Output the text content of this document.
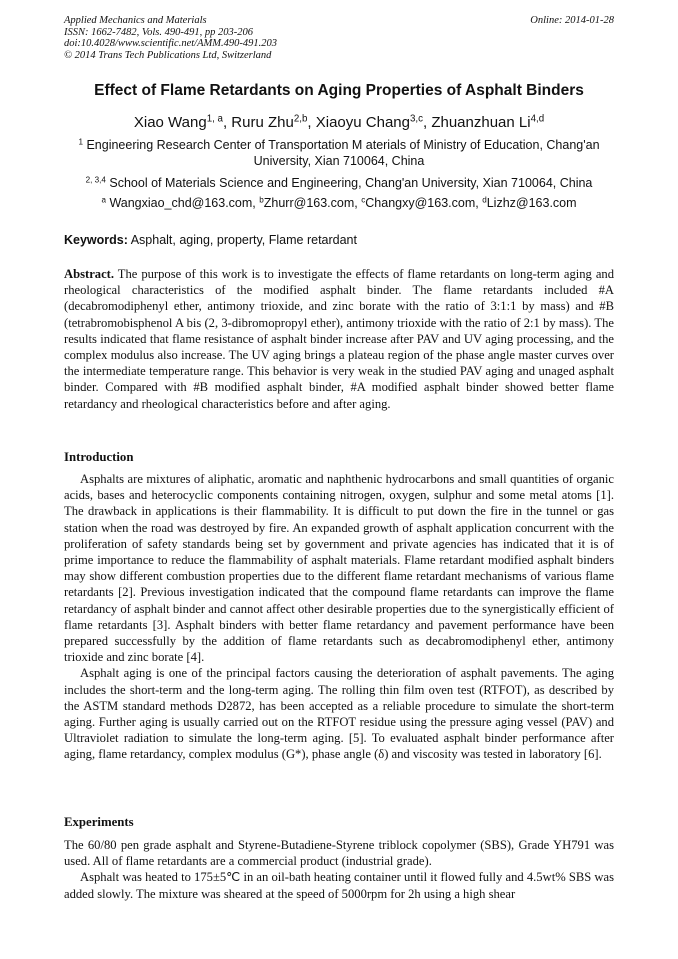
Applied Mechanics and Materials
ISSN: 1662-7482, Vols. 490-491, pp 203-206
doi:10.4028/www.scientific.net/AMM.490-491.203
© 2014 Trans Tech Publications Ltd, Switzerland
Online: 2014-01-28
Effect of Flame Retardants on Aging Properties of Asphalt Binders
Xiao Wang$^{1, a}$, Ruru Zhu$^{2,b}$, Xiaoyu Chang$^{3,c}$, Zhuanzhuan Li$^{4,d}$
$^1$ Engineering Research Center of Transportation M aterials of Ministry of Education, Chang'an University, Xian 710064, China
$^{2, 3,4}$ School of Materials Science and Engineering, Chang'an University, Xian 710064, China
$^a$ Wangxiao_chd@163.com, $^b$Zhurr@163.com, $^c$Changxy@163.com, $^d$Lizhz@163.com
Keywords: Asphalt, aging, property, Flame retardant

Abstract. The purpose of this work is to investigate the effects of flame retardants on long-term aging and rheological characteristics of the modified asphalt binder. The flame retardants included #A (decabromodiphenyl ether, antimony trioxide, and zinc borate with the ratio of 3:1:1 by mass) and #B (tetrabromobisphenol A bis (2, 3-dibromopropyl ether), antimony trioxide with the ratio of 2:1 by mass). The results indicated that flame resistance of asphalt binder increase after PAV and UV aging processing, and the complex modulus also increase. The UV aging brings a plateau region of the phase angle master curves over the intermediate temperature range. This behavior is very weak in the studied PAV aging and unaged asphalt binder. Compared with #B modified asphalt binder, #A modified asphalt binder showed better flame retardancy and rheological characteristics before and after aging.

Introduction

Asphalts are mixtures of aliphatic, aromatic and naphthenic hydrocarbons and small quantities of organic acids, bases and heterocyclic components containing nitrogen, oxygen, sulphur and some metal atoms [1]. The drawback in applications is their flammability. It is difficult to put down the fire in the tunnel or gas station when the road was destroyed by fire. An expanded growth of asphalt application concurrent with the proliferation of safety standards being set by government and private agencies has indicated that it is of prime importance to reduce the flammability of asphalt materials. Flame retardant modified asphalt binders may show different combustion properties due to the different flame retardant mechanisms of various flame retardants [2]. Previous investigation indicated that the compound flame retardants can improve the flame retardancy of asphalt binder and cannot affect other desirable properties due to the synergistically efficient of flame retardants [3]. Asphalt binders with better flame retardancy and pavement performance have been prepared successfully by the addition of flame retardants such as decabromodiphenyl ether, antimony trioxide and zinc borate [4].

Asphalt aging is one of the principal factors causing the deterioration of asphalt pavements. The aging includes the short-term and the long-term aging. The rolling thin film oven test (RTFOT), as described by the ASTM standard methods D2872, has been accepted as a reliable procedure to simulate the short-term aging. Further aging is usually carried out on the RTFOT residue using the pressure aging vessel (PAV) and Ultraviolet radiation to simulate the long-term aging. [5]. To evaluated asphalt binder performance after aging, flame retardancy, complex modulus (G*), phase angle (δ) and viscosity was tested in laboratory [6].

Experiments

The 60/80 pen grade asphalt and Styrene-Butadiene-Styrene triblock copolymer (SBS), Grade YH791 was used. All of flame retardants are a commercial product (industrial grade).

Asphalt was heated to 175±5℃ in an oil-bath heating container until it flowed fully and 4.5wt% SBS was added slowly. The mixture was sheared at the speed of 5000rpm for 2h using a high shear
